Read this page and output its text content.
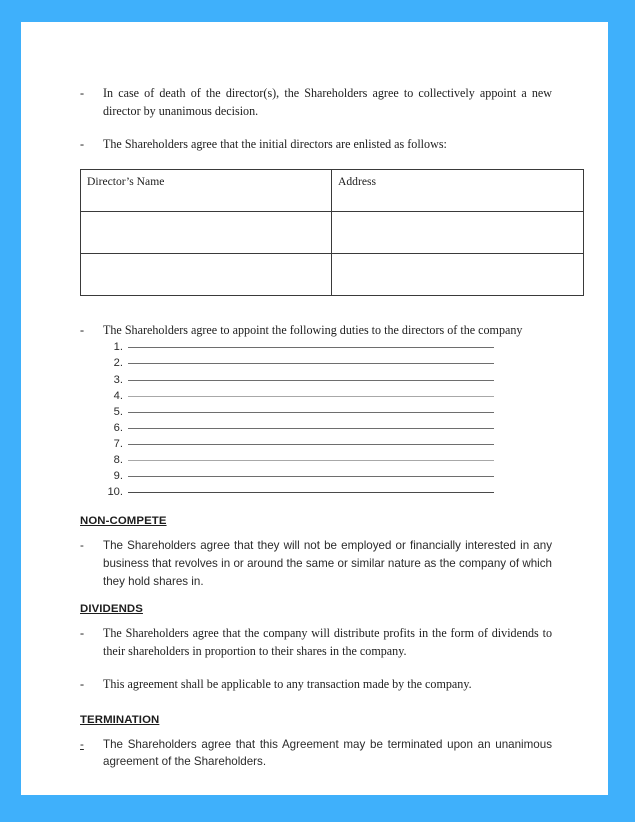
-	In case of death of the director(s), the Shareholders agree to collectively appoint a new director by unanimous decision.
-	The Shareholders agree that the initial directors are enlisted as follows:
Director’s Name	Address

-	The Shareholders agree to appoint the following duties to the directors of the company
1.
2.
3.
4.
5.
6.
7.
8.
9.
10.
NON-COMPETE
-	The Shareholders agree that they will not be employed or financially interested in any business that revolves in or around the same or similar nature as the company of which they hold shares in.
DIVIDENDS
-	The Shareholders agree that the company will distribute profits in the form of dividends to their shareholders in proportion to their shares in the company.
-	This agreement shall be applicable to any transaction made by the company.
TERMINATION
-	The Shareholders agree that this Agreement may be terminated upon an unanimous agreement of the Shareholders.
